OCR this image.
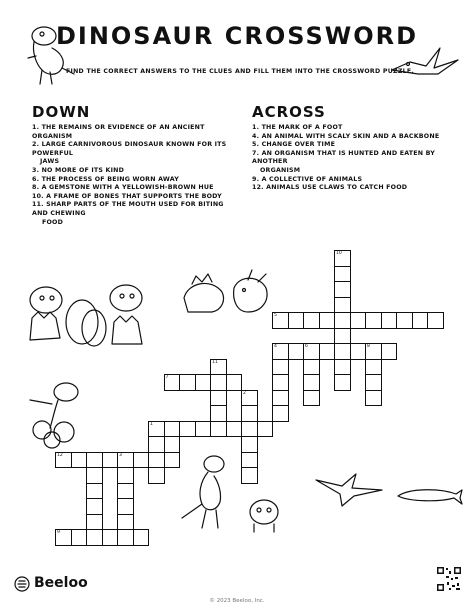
DINOSAUR CROSSWORD
FIND THE CORRECT ANSWERS TO THE CLUES AND FILL THEM INTO THE CROSSWORD PUZZLE.
DOWN
1. THE REMAINS OR EVIDENCE OF AN ANCIENT ORGANISM
2. LARGE CARNIVOROUS DINOSAUR KNOWN FOR ITS POWERFUL
JAWS
3. NO MORE OF ITS KIND
6. THE PROCESS OF BEING WORN AWAY
8. A GEMSTONE WITH A YELLOWISH-BROWN HUE
10. A FRAME OF BONES THAT SUPPORTS THE BODY
11. SHARP PARTS OF THE MOUTH USED FOR BITING AND CHEWING
FOOD
ACROSS
1. THE MARK OF A FOOT
4. AN ANIMAL WITH SCALY SKIN AND A BACKBONE
5. CHANGE OVER TIME
7. AN ORGANISM THAT IS HUNTED AND EATEN BY ANOTHER
ORGANISM
9. A COLLECTIVE OF ANIMALS
12. ANIMALS USE CLAWS TO CATCH FOOD
5
4	6	8
7
1
12	3
9
10
11
2
Beeloo
© 2023 Beeloo, Inc.
